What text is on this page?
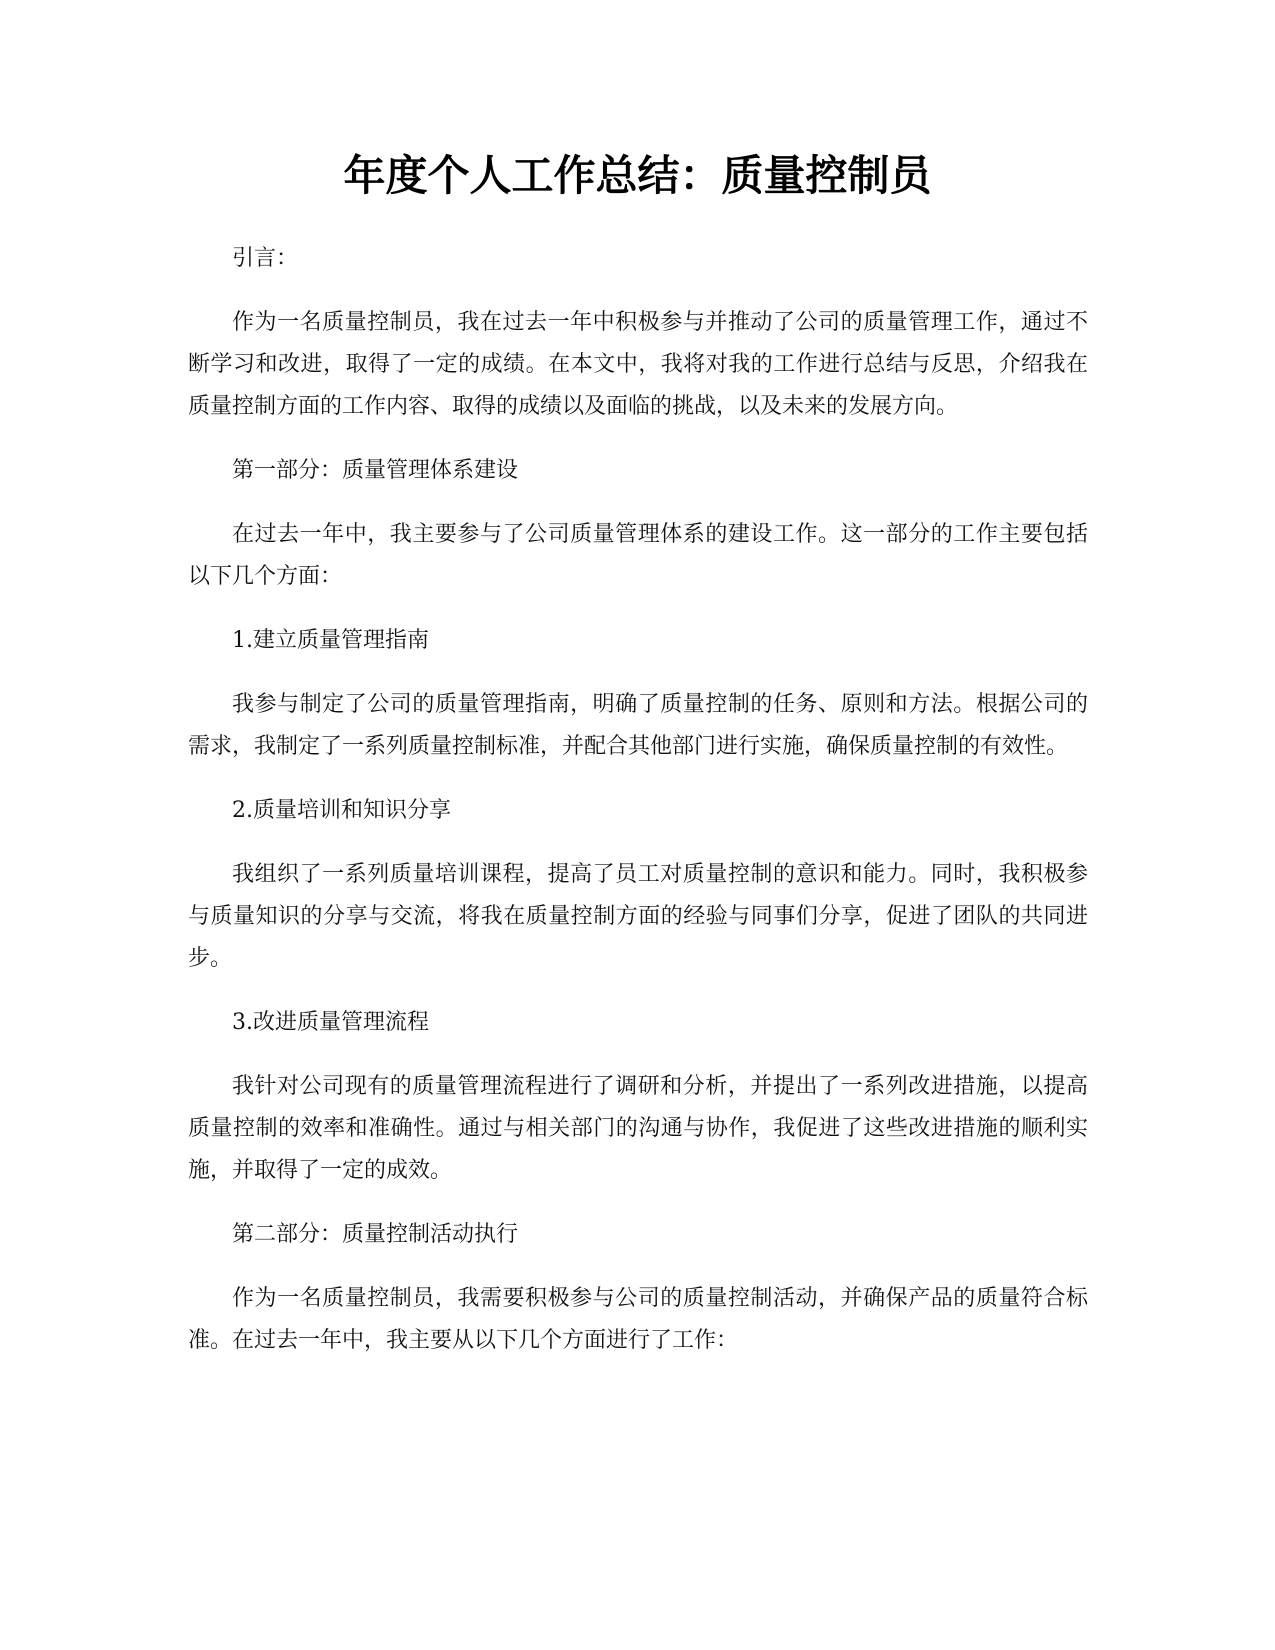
年度个人工作总结：质量控制员

引言：

作为一名质量控制员，我在过去一年中积极参与并推动了公司的质量管理工作，通过不断学习和改进，取得了一定的成绩。在本文中，我将对我的工作进行总结与反思，介绍我在质量控制方面的工作内容、取得的成绩以及面临的挑战，以及未来的发展方向。

第一部分：质量管理体系建设

在过去一年中，我主要参与了公司质量管理体系的建设工作。这一部分的工作主要包括以下几个方面：

1.建立质量管理指南

我参与制定了公司的质量管理指南，明确了质量控制的任务、原则和方法。根据公司的需求，我制定了一系列质量控制标准，并配合其他部门进行实施，确保质量控制的有效性。

2.质量培训和知识分享

我组织了一系列质量培训课程，提高了员工对质量控制的意识和能力。同时，我积极参与质量知识的分享与交流，将我在质量控制方面的经验与同事们分享，促进了团队的共同进步。

3.改进质量管理流程

我针对公司现有的质量管理流程进行了调研和分析，并提出了一系列改进措施，以提高质量控制的效率和准确性。通过与相关部门的沟通与协作，我促进了这些改进措施的顺利实施，并取得了一定的成效。

第二部分：质量控制活动执行

作为一名质量控制员，我需要积极参与公司的质量控制活动，并确保产品的质量符合标准。在过去一年中，我主要从以下几个方面进行了工作：
